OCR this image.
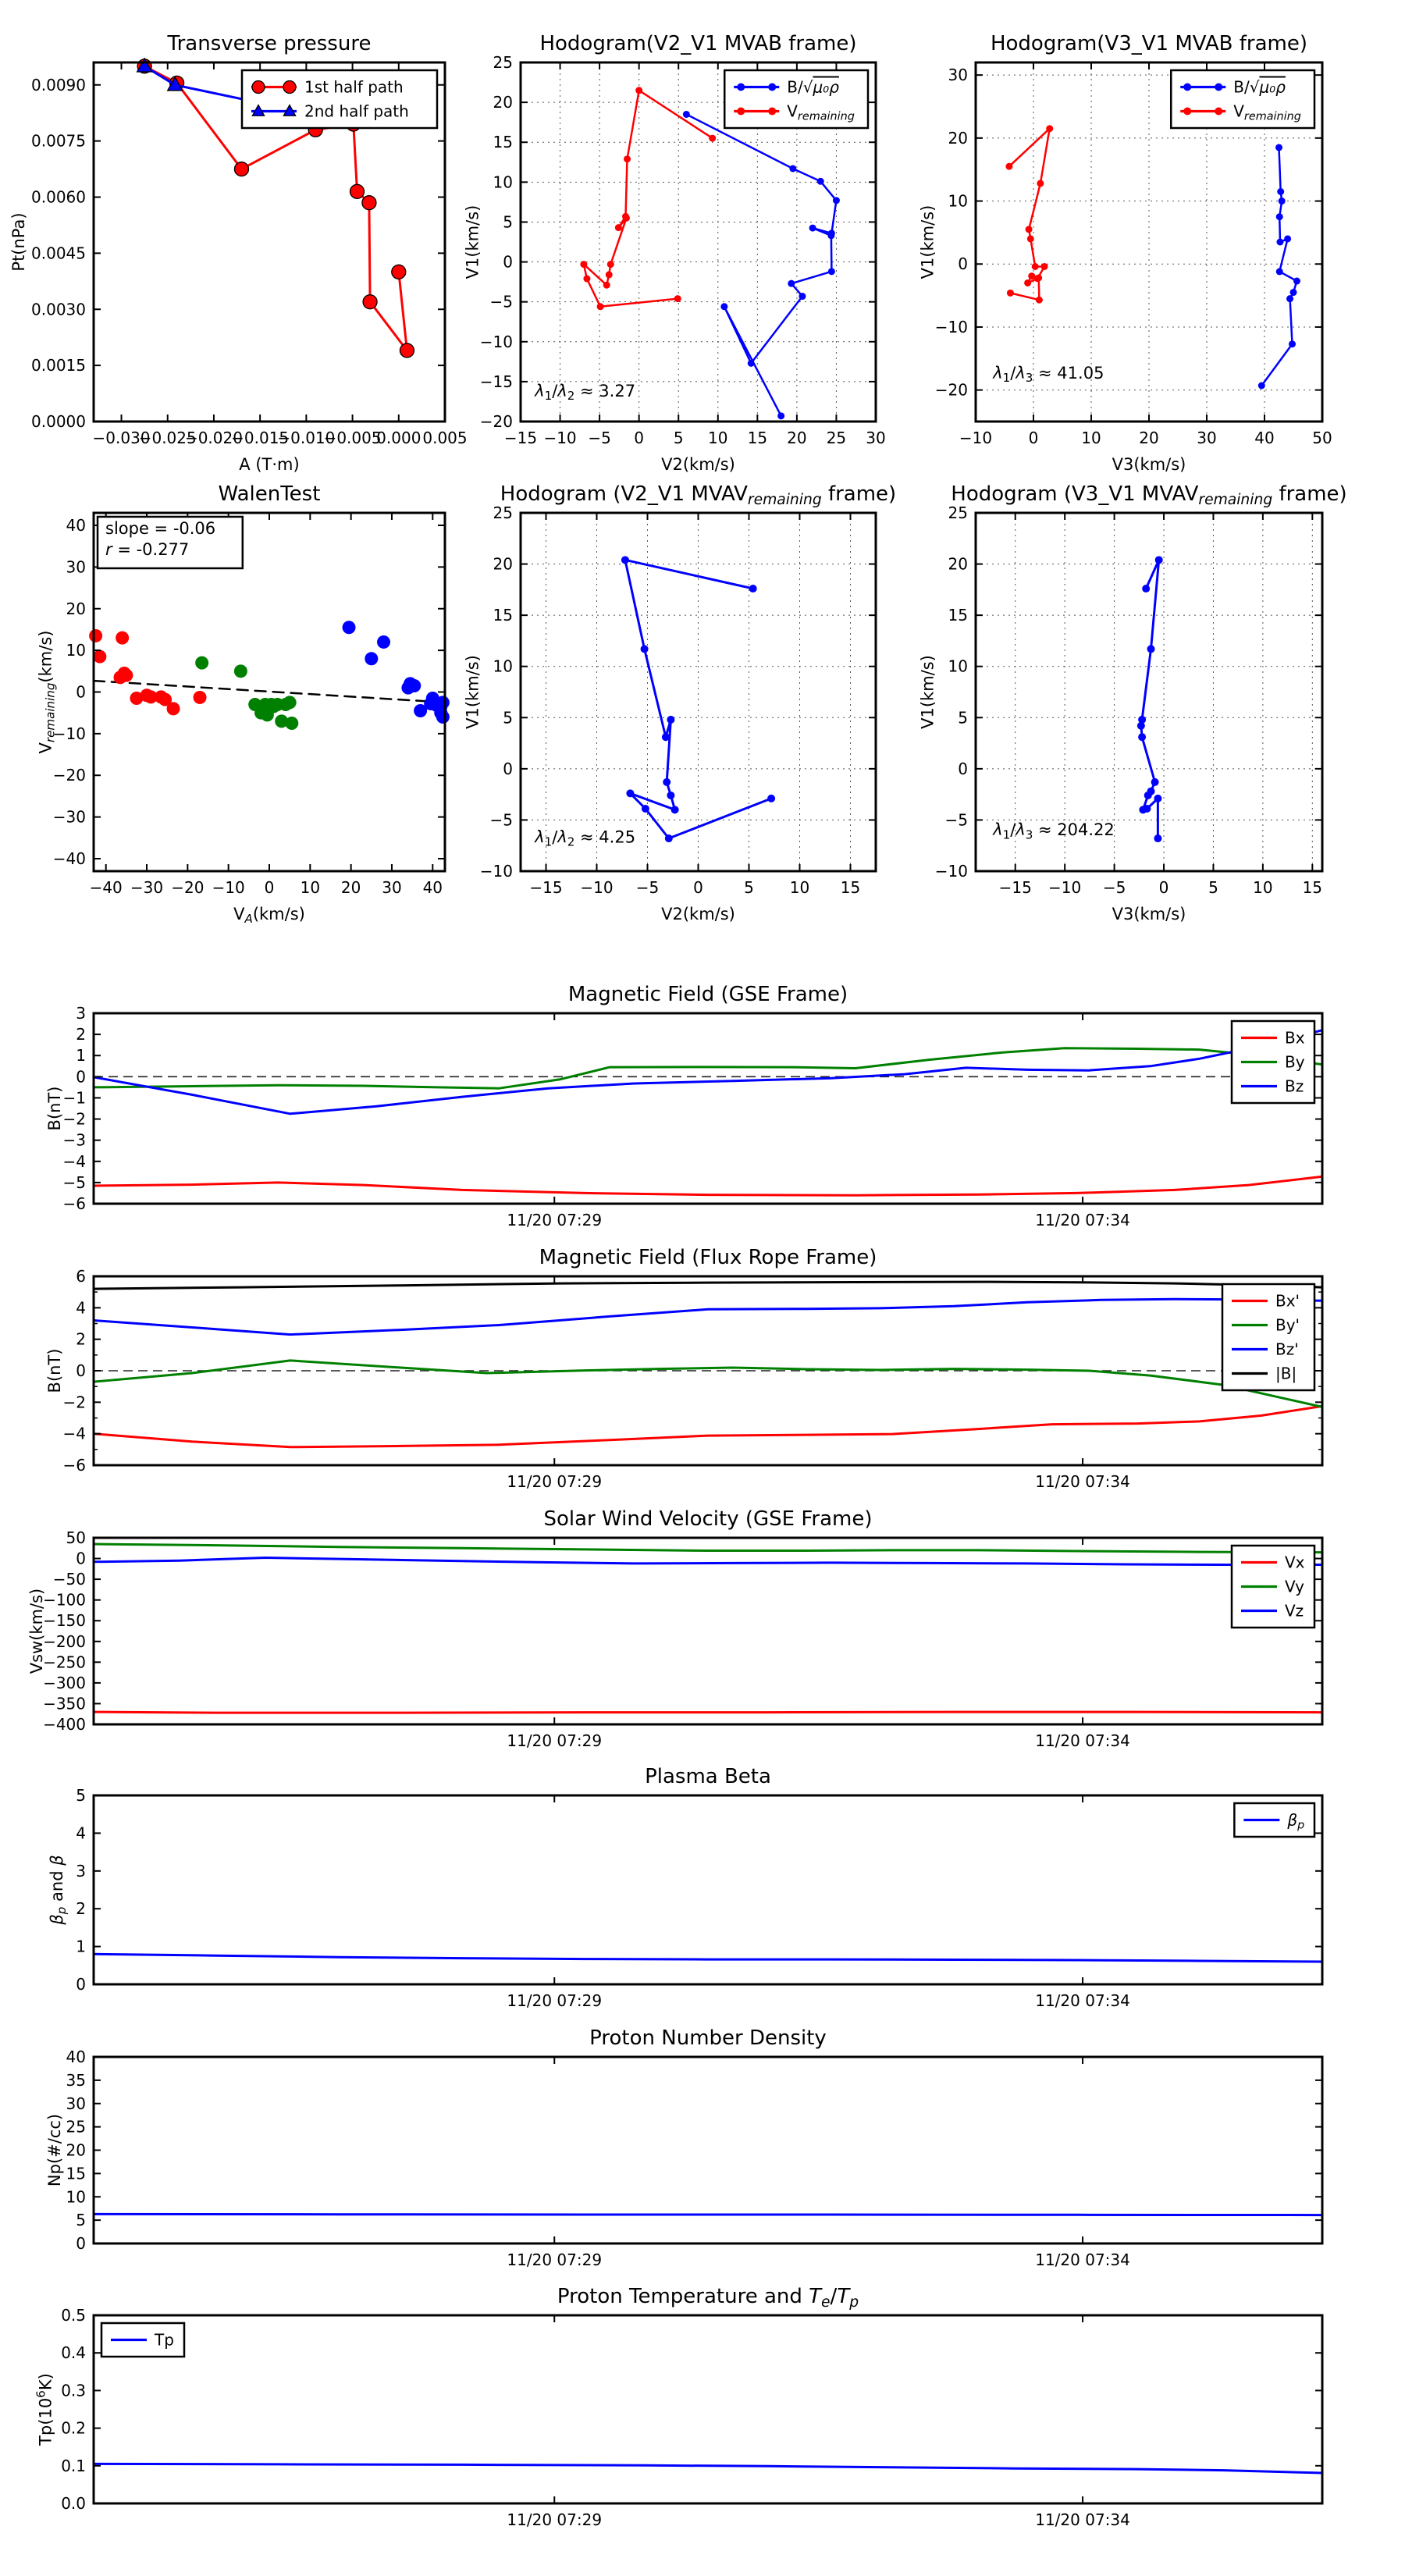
−0.030
−0.025
−0.020
−0.015
−0.010
−0.005
0.000 0.005
0.0000
0.0015
0.0030
0.0045
0.0060
0.0075
0.0090
Transverse pressure
A (T·m)
Pt(nPa)
1st half path
2nd half path
−15 −10 −5 0 5 10 15 20 25 30
−20
−15
−10
−5
0
5
10
15
20
25
Hodogram(V2_V1 MVAB frame)
V2(km/s)
V1(km/s)
$\lambda_1/\lambda_2 \approx 3.27$
B/√μ₀ρ
$V_{remaining}$
−10 0	10 20 30 40 50
−20
−10
0
10
20
30
Hodogram(V3_V1 MVAB frame)
V3(km/s)
V1(km/s)
$\lambda_1/\lambda_3 \approx 41.05$
B/√μ₀ρ
$V_{remaining}$
−40 −30 −20 −10 0 10 20 30 40
−40
−30
−20
−10
0
10
20
30
40
WalenTest
$V_A(km/s)$
$V_{remaining}(km/s)$
slope = -0.06
r = -0.277
−15 −10 −5 0	5 10 15
−10
−5
0
5
10
15
20
25
Hodogram (V2_V1 $MVAV_{remaining}$ frame)
V2(km/s)
V1(km/s)
$\lambda_1/\lambda_2 \approx 4.25$
−15 −10 −5 0	5 10 15
−10
−5
0
5
10
15
20
25
Hodogram (V3_V1 $MVAV_{remaining}$ frame)
V3(km/s)
V1(km/s)
$\lambda_1/\lambda_3 \approx 204.22$
11/20 07:29	11/20 07:34
3
2
1
0
−1
−2
−3
−4
−5
−6
Magnetic Field (GSE Frame)
B(nT)
Bx
By
Bz
11/20 07:29	11/20 07:34
6
4
2
0
−2
−4
−6
Magnetic Field (Flux Rope Frame)
B(nT)
Bx'
By'
Bz'
|B|
11/20 07:29	11/20 07:34
50
0
−50
−100
−150
−200
−250
−300
−350
−400
Solar Wind Velocity (GSE Frame)
Vsw(km/s)
Vx
Vy
Vz
11/20 07:29	11/20 07:34
0
1
2
3
4
5
Plasma Beta
$\beta_p$ and β
$\beta_p$
11/20 07:29	11/20 07:34
0
5
10
15
20
25
30
35
40
Proton Number Density
Np(#/cc)
11/20 07:29	11/20 07:34
0.0
0.1
0.2
0.3
0.4
0.5
Proton Temperature and $T_e/T_p$
$Tp(10^6K)$
Tp
